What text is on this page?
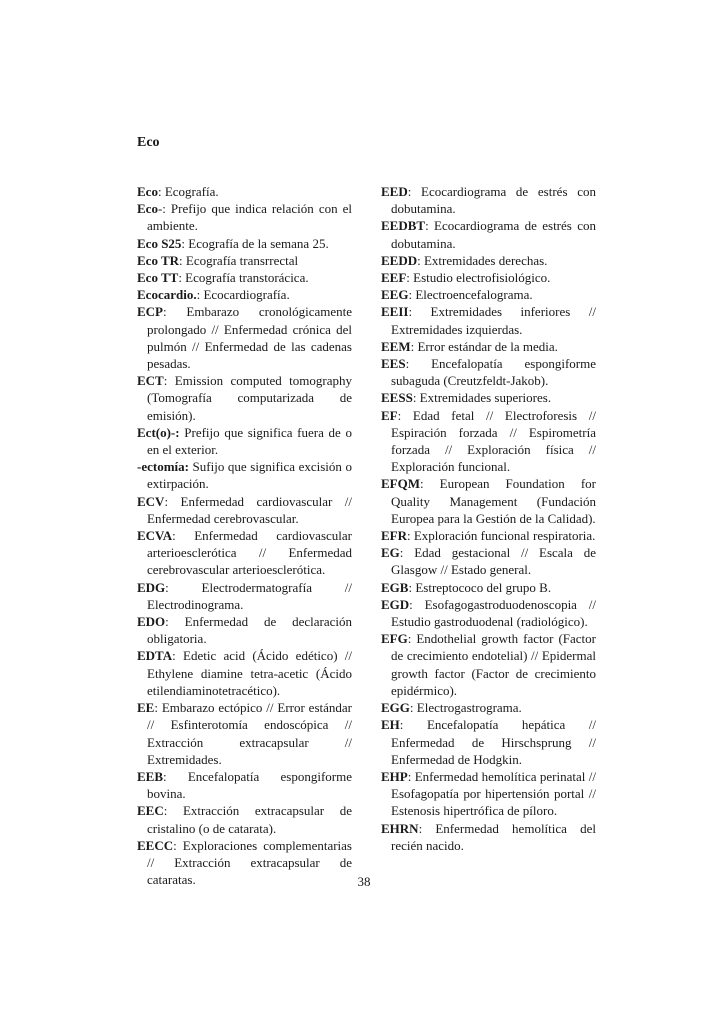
Eco

Eco: Ecografía.

Eco-: Prefijo que indica relación con el ambiente.

Eco S25: Ecografía de la semana 25.

Eco TR: Ecografía transrrectal

Eco TT: Ecografía transtorácica.

Ecocardio.: Ecocardiografía.

ECP: Embarazo cronológicamente prolongado // Enfermedad crónica del pulmón // Enfermedad de las cadenas pesadas.

ECT: Emission computed tomography (Tomografía computarizada de emisión).

Ect(o)-: Prefijo que significa fuera de o en el exterior.

-ectomía: Sufijo que significa excisión o extirpación.

ECV: Enfermedad cardiovascular // Enfermedad cerebrovascular.

ECVA: Enfermedad cardiovascular arterioesclerótica // Enfermedad cerebrovascular arterioesclerótica.

EDG: Electrodermatografía // Electrodinograma.

EDO: Enfermedad de declaración obligatoria.

EDTA: Edetic acid (Ácido edético) // Ethylene diamine tetra-acetic (Ácido etilendiaminotetracético).

EE: Embarazo ectópico // Error estándar // Esfinterotomía endoscópica // Extracción extracapsular // Extremidades.

EEB: Encefalopatía espongiforme bovina.

EEC: Extracción extracapsular de cristalino (o de catarata).

EECC: Exploraciones complementarias // Extracción extracapsular de cataratas.

EED: Ecocardiograma de estrés con dobutamina.

EEDBT: Ecocardiograma de estrés con dobutamina.

EEDD: Extremidades derechas.

EEF: Estudio electrofisiológico.

EEG: Electroencefalograma.

EEII: Extremidades inferiores // Extremidades izquierdas.

EEM: Error estándar de la media.

EES: Encefalopatía espongiforme subaguda (Creutzfeldt-Jakob).

EESS: Extremidades superiores.

EF: Edad fetal // Electroforesis // Espiración forzada // Espirometría forzada // Exploración física // Exploración funcional.

EFQM: European Foundation for Quality Management (Fundación Europea para la Gestión de la Calidad).

EFR: Exploración funcional respiratoria.

EG: Edad gestacional // Escala de Glasgow // Estado general.

EGB: Estreptococo del grupo B.

EGD: Esofagogastroduodenoscopia // Estudio gastroduodenal (radiológico).

EFG: Endothelial growth factor (Factor de crecimiento endotelial) // Epidermal growth factor (Factor de crecimiento epidérmico).

EGG: Electrogastrograma.

EH: Encefalopatía hepática // Enfermedad de Hirschsprung // Enfermedad de Hodgkin.

EHP: Enfermedad hemolítica perinatal // Esofagopatía por hipertensión portal // Estenosis hipertrófica de píloro.

EHRN: Enfermedad hemolítica del recién nacido.

38
